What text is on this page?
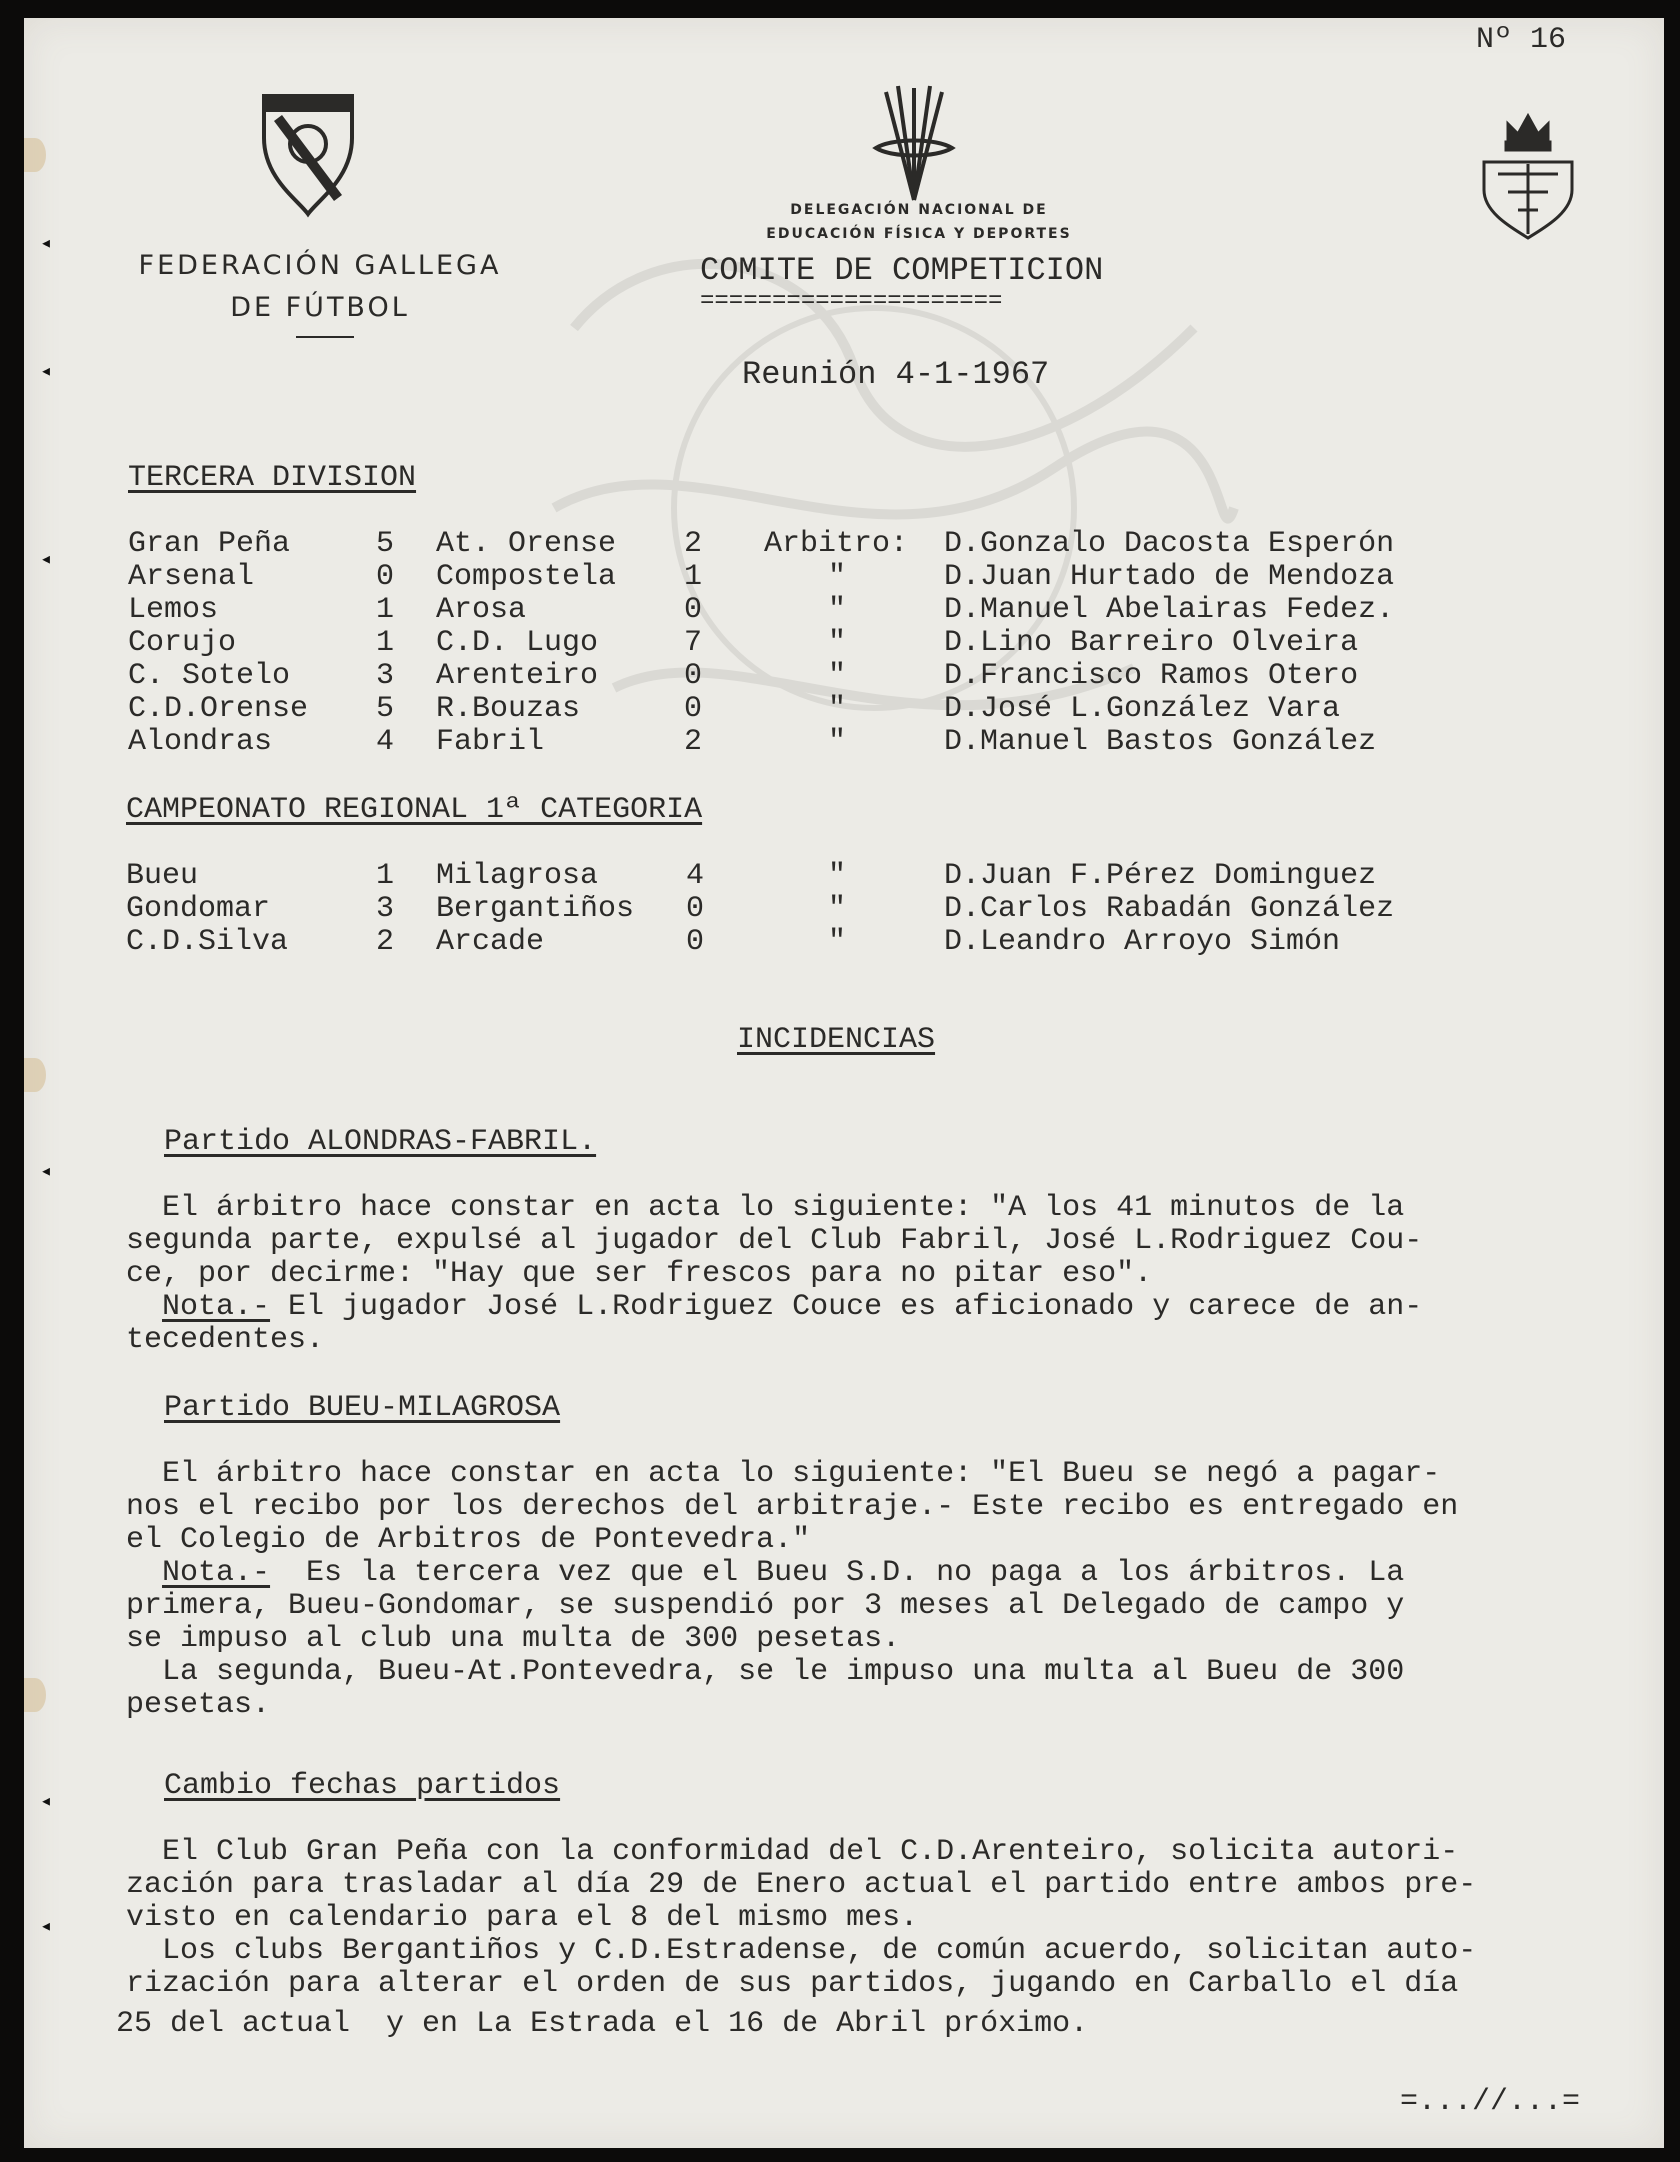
◂
◂
◂
◂
◂
◂
Nº 16
FEDERACIÓN GALLEGA
DE FÚTBOL
DELEGACIÓN NACIONAL DE
EDUCACIÓN FÍSICA Y DEPORTES
COMITE DE COMPETICION
=====================
Reunión 4-1-1967
TERCERA DIVISION
Gran Peña	5	At. Orense	2	Arbitro:	D.Gonzalo Dacosta Esperón
Arsenal	0	Compostela	1	"	D.Juan Hurtado de Mendoza
Lemos	1	Arosa	0	"	D.Manuel Abelairas Fedez.
Corujo	1	C.D. Lugo	7	"	D.Lino Barreiro Olveira
C. Sotelo	3	Arenteiro	0	"	D.Francisco Ramos Otero
C.D.Orense	5	R.Bouzas	0	"	D.José L.González Vara
Alondras	4	Fabril	2	"	D.Manuel Bastos González
CAMPEONATO REGIONAL 1ª CATEGORIA
Bueu	1	Milagrosa	4	"	D.Juan F.Pérez Dominguez
Gondomar	3	Bergantiños	0	"	D.Carlos Rabadán González
C.D.Silva	2	Arcade	0	"	D.Leandro Arroyo Simón
INCIDENCIAS
Partido ALONDRAS-FABRIL.
El árbitro hace constar en acta lo siguiente: "A los 41 minutos de la
segunda parte, expulsé al jugador del Club Fabril, José L.Rodriguez Cou-
ce, por decirme: "Hay que ser frescos para no pitar eso".
Nota.- El jugador José L.Rodriguez Couce es aficionado y carece de an-
tecedentes.
Partido BUEU-MILAGROSA
El árbitro hace constar en acta lo siguiente: "El Bueu se negó a pagar-
nos el recibo por los derechos del arbitraje.- Este recibo es entregado en
el Colegio de Arbitros de Pontevedra."
Nota.-  Es la tercera vez que el Bueu S.D. no paga a los árbitros. La
primera, Bueu-Gondomar, se suspendió por 3 meses al Delegado de campo y
se impuso al club una multa de 300 pesetas.
La segunda, Bueu-At.Pontevedra, se le impuso una multa al Bueu de 300
pesetas.
Cambio fechas partidos
El Club Gran Peña con la conformidad del C.D.Arenteiro, solicita autori-
zación para trasladar al día 29 de Enero actual el partido entre ambos pre-
visto en calendario para el 8 del mismo mes.
Los clubs Bergantiños y C.D.Estradense, de común acuerdo, solicitan auto-
rización para alterar el orden de sus partidos, jugando en Carballo el día
25 del actual  y en La Estrada el 16 de Abril próximo.
=...//...=
